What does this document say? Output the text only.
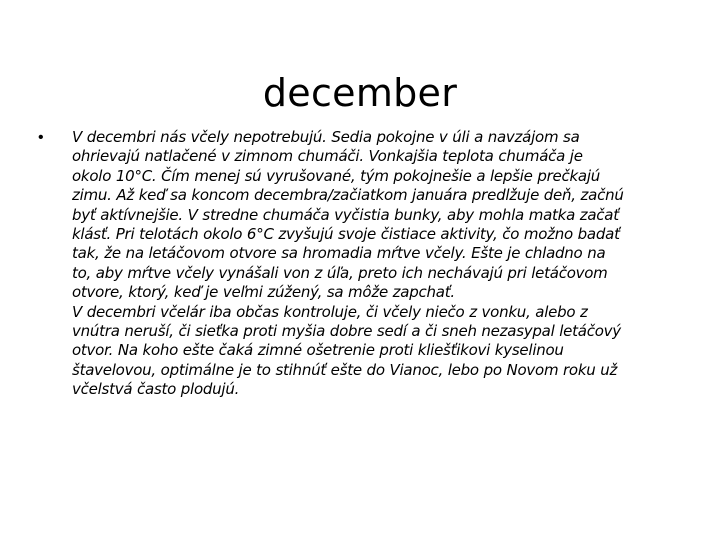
december
•	V decembri nás včely nepotrebujú. Sedia pokojne v úli a navzájom sa
ohrievajú natlačené v zimnom chumáči. Vonkajšia teplota chumáča je
okolo 10°C. Čím menej sú vyrušované, tým pokojnešie a lepšie prečkajú
zimu. Až keď sa koncom decembra/začiatkom januára predlžuje deň, začnú
byť aktívnejšie. V stredne chumáča vyčistia bunky, aby mohla matka začať
klásť. Pri telotách okolo 6°C zvyšujú svoje čistiace aktivity, čo možno badať
tak, že na letáčovom otvore sa hromadia mŕtve včely. Ešte je chladno na
to, aby mŕtve včely vynášali von z úľa, preto ich nechávajú pri letáčovom
otvore, ktorý, keď je veľmi zúžený, sa môže zapchať.
V decembri včelár iba občas kontroluje, či včely niečo z vonku, alebo z
vnútra neruší, či sieťka proti myšia dobre sedí a či sneh nezasypal letáčový
otvor. Na koho ešte čaká zimné ošetrenie proti kliešťikovi kyselinou
štavelovou, optimálne je to stihnúť ešte do Vianoc, lebo po Novom roku už
včelstvá často plodujú.
